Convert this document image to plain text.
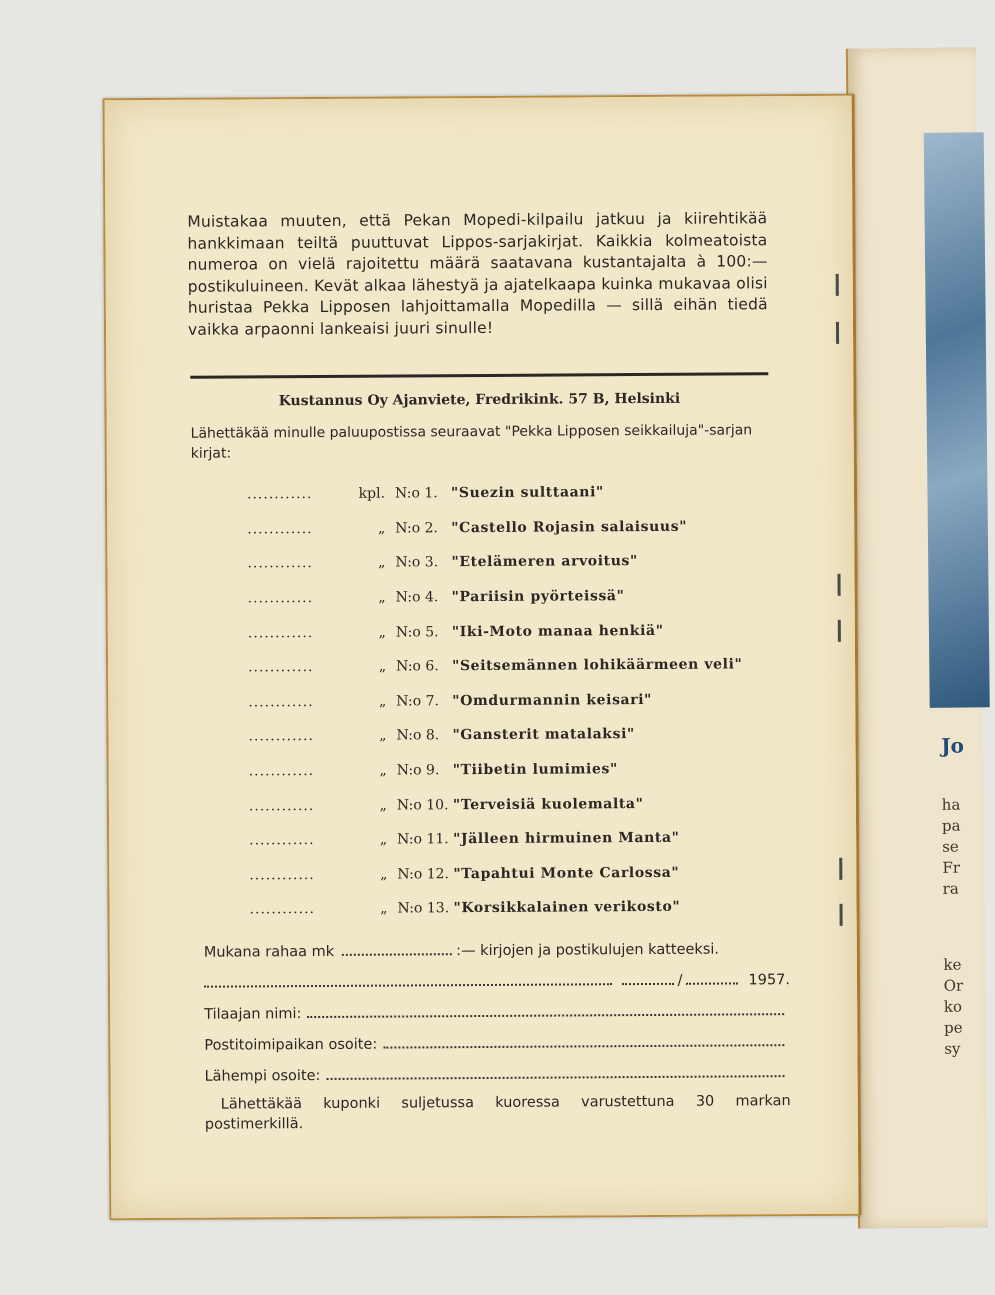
Jo
ha
pa
se
Fr
ra
ke
Or
ko
pe
sy

Muistakaa muuten, että Pekan Mopedi-kilpailu jatkuu ja kiirehtikää hankkimaan teiltä puuttuvat Lippos-sarjakirjat. Kaikkia kolmeatoista numeroa on vielä rajoitettu määrä saatavana kustantajalta à 100:— postikuluineen. Kevät alkaa lähestyä ja ajatelkaapa kuinka mukavaa olisi huristaa Pekka Lipposen lahjoittamalla Mopedilla — sillä eihän tiedä vaikka arpaonni lankeaisi juuri sinulle!

Kustannus Oy Ajanviete, Fredrikink. 57 B, Helsinki

Lähettäkää minulle paluupostissa seuraavat "Pekka Lipposen seikkailuja"-sarjan kirjat:

............	kpl. N:o 1. "Suezin sulttaani"
............	„ N:o 2. "Castello Rojasin salaisuus"
............	„ N:o 3. "Etelämeren arvoitus"
............	„ N:o 4. "Pariisin pyörteissä"
............	„ N:o 5. "Iki-Moto manaa henkiä"
............	„ N:o 6. "Seitsemännen lohikäärmeen veli"
............	„ N:o 7. "Omdurmannin keisari"
............	„ N:o 8. "Gansterit matalaksi"
............	„ N:o 9. "Tiibetin lumimies"
............	„ N:o 10. "Terveisiä kuolemalta"
............	„ N:o 11. "Jälleen hirmuinen Manta"
............	„ N:o 12. "Tapahtui Monte Carlossa"
............	„ N:o 13. "Korsikkalainen verikosto"
Mukana rahaa mk	:— kirjojen ja postikulujen katteeksi.
/	1957.
Tilaajan nimi:
Postitoimipaikan osoite:
Lähempi osoite:

Lähettäkää kuponki suljetussa kuoressa varustettuna 30 markan postimerkillä.
